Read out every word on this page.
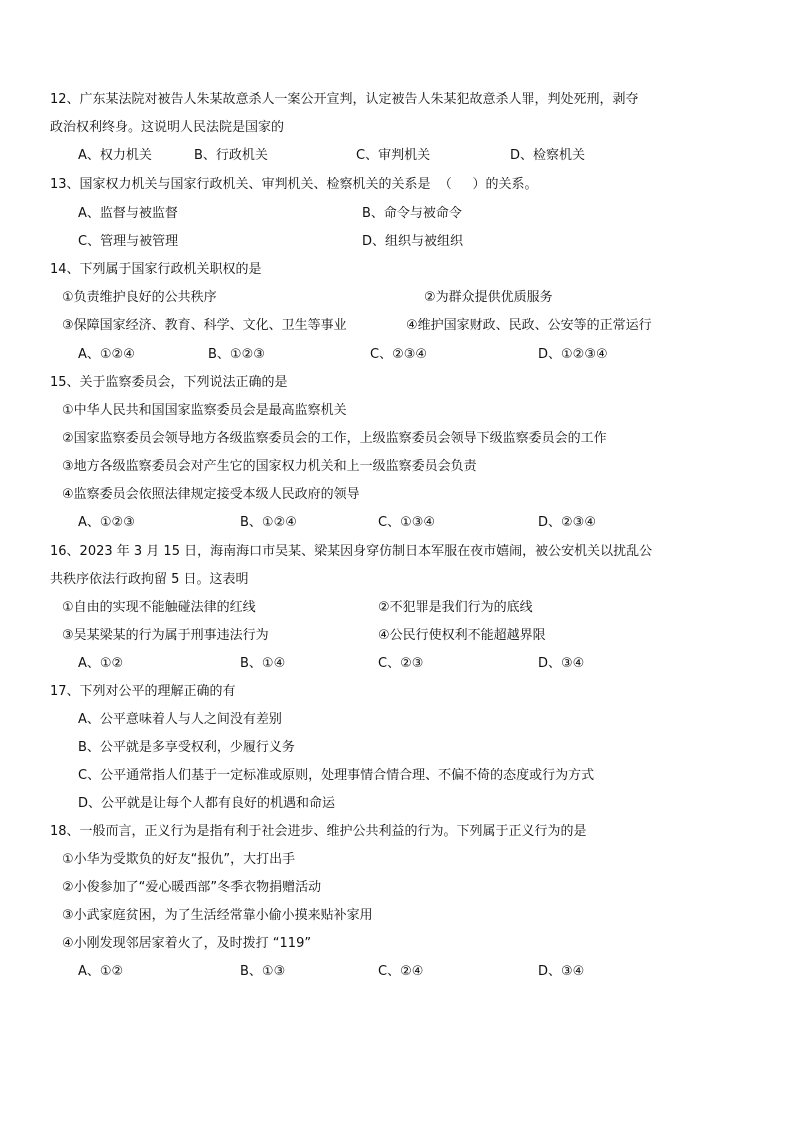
12、广东某法院对被告人朱某故意杀人一案公开宣判，认定被告人朱某犯故意杀人罪，判处死刑，剥夺
政治权利终身。这说明人民法院是国家的
A、权力机关	B、行政机关	C、审判机关	D、检察机关
13、国家权力机关与国家行政机关、审判机关、检察机关的关系是  （     ）的关系。
A、监督与被监督	B、命令与被命令
C、管理与被管理	D、组织与被组织
14、下列属于国家行政机关职权的是
①负责维护良好的公共秩序	②为群众提供优质服务
③保障国家经济、教育、科学、文化、卫生等事业	④维护国家财政、民政、公安等的正常运行
A、①②④	B、①②③	C、②③④	D、①②③④
15、关于监察委员会，下列说法正确的是
①中华人民共和国国家监察委员会是最高监察机关
②国家监察委员会领导地方各级监察委员会的工作，上级监察委员会领导下级监察委员会的工作
③地方各级监察委员会对产生它的国家权力机关和上一级监察委员会负责
④监察委员会依照法律规定接受本级人民政府的领导
A、①②③	B、①②④	C、①③④	D、②③④
16、2023 年 3 月 15 日，海南海口市吴某、梁某因身穿仿制日本军服在夜市嬉闹，被公安机关以扰乱公
共秩序依法行政拘留 5 日。这表明
①自由的实现不能触碰法律的红线	②不犯罪是我们行为的底线
③吴某梁某的行为属于刑事违法行为	④公民行使权利不能超越界限
A、①②	B、①④	C、②③	D、③④
17、下列对公平的理解正确的有
A、公平意味着人与人之间没有差别
B、公平就是多享受权利，少履行义务
C、公平通常指人们基于一定标准或原则，处理事情合情合理、不偏不倚的态度或行为方式
D、公平就是让每个人都有良好的机遇和命运
18、一般而言，正义行为是指有利于社会进步、维护公共利益的行为。下列属于正义行为的是
①小华为受欺负的好友“报仇”，大打出手
②小俊参加了“爱心暖西部”冬季衣物捐赠活动
③小武家庭贫困，为了生活经常靠小偷小摸来贴补家用
④小刚发现邻居家着火了，及时拨打 “119”
A、①②	B、①③	C、②④	D、③④
